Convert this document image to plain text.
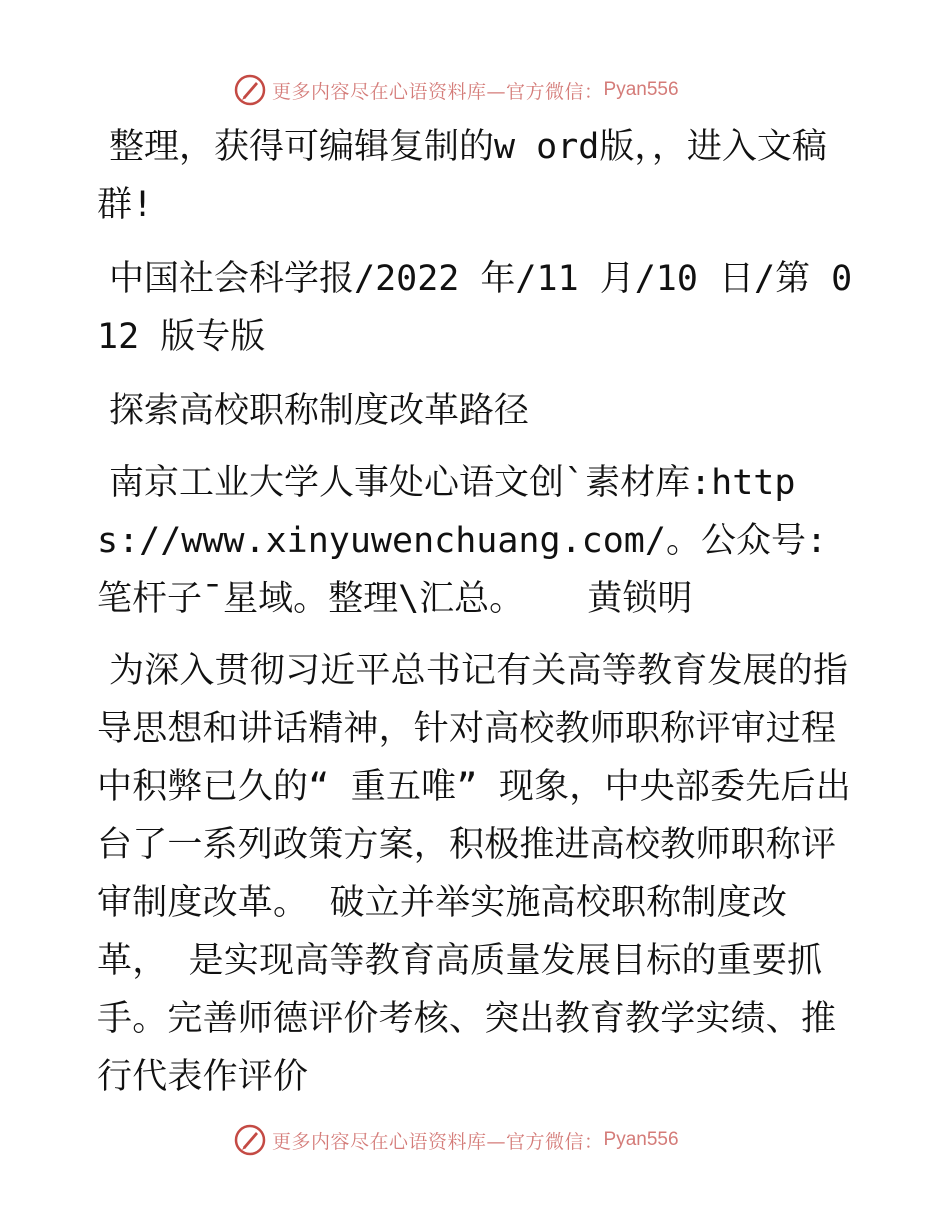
更多内容尽在心语资料库—官方微信： Pyan556

整理，获得可编辑复制的w ord版，，进入文稿群!

中国社会科学报/2022 年/11 月/10 日/第 012 版专版

探索高校职称制度改革路径

南京工业大学人事处心语文创`素材库:https://www.xinyuwenchuang.com/。公众号: 笔杆子¯星域。整理\汇总。   黄锁明

为深入贯彻习近平总书记有关高等教育发展的指导思想和讲话精神，针对高校教师职称评审过程中积弊已久的“ 重五唯” 现象，中央部委先后出台了一系列政策方案，积极推进高校教师职称评审制度改革。 破立并举实施高校职称制度改革， 是实现高等教育高质量发展目标的重要抓手。完善师德评价考核、突出教育教学实绩、推行代表作评价

更多内容尽在心语资料库—官方微信： Pyan556
